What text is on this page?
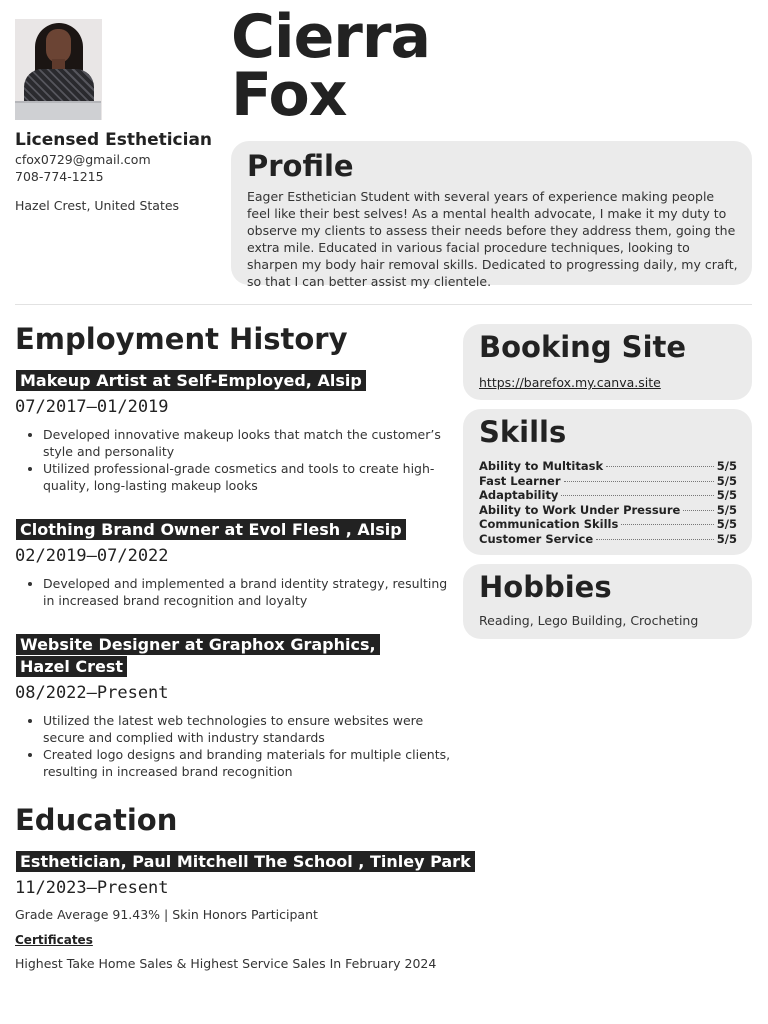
Licensed Esthetician

cfox0729@gmail.com

708-774-1215

Hazel Crest, United States

Cierra
Fox
Profile

Eager Esthetician Student with several years of experience making people feel like their best selves! As a mental health advocate, I make it my duty to observe my clients to assess their needs before they address them, going the extra mile. Educated in various facial procedure techniques, looking to sharpen my body hair removal skills. Dedicated to progressing daily, my craft, so that I can better assist my clientele.

Employment History

Makeup Artist at Self-Employed, Alsip

07/2017—01/2019

• Developed innovative makeup looks that match the customer’s style and personality
• Utilized professional-grade cosmetics and tools to create high-quality, long-lasting makeup looks

Clothing Brand Owner at Evol Flesh , Alsip

02/2019—07/2022

• Developed and implemented a brand identity strategy, resulting in increased brand recognition and loyalty

Website Designer at Graphox Graphics, Hazel Crest

08/2022—Present

• Utilized the latest web technologies to ensure websites were secure and complied with industry standards
• Created logo designs and branding materials for multiple clients, resulting in increased brand recognition
Education

Esthetician, Paul Mitchell The School , Tinley Park

11/2023—Present

Grade Average 91.43% | Skin Honors Participant

Certificates

Highest Take Home Sales & Highest Service Sales In February 2024

Booking Site
https://barefox.my.canva.site
Skills
Ability to Multitask	5/5
Fast Learner	5/5
Adaptability	5/5
Ability to Work Under Pressure	5/5
Communication Skills	5/5
Customer Service	5/5
Hobbies

Reading, Lego Building, Crocheting
